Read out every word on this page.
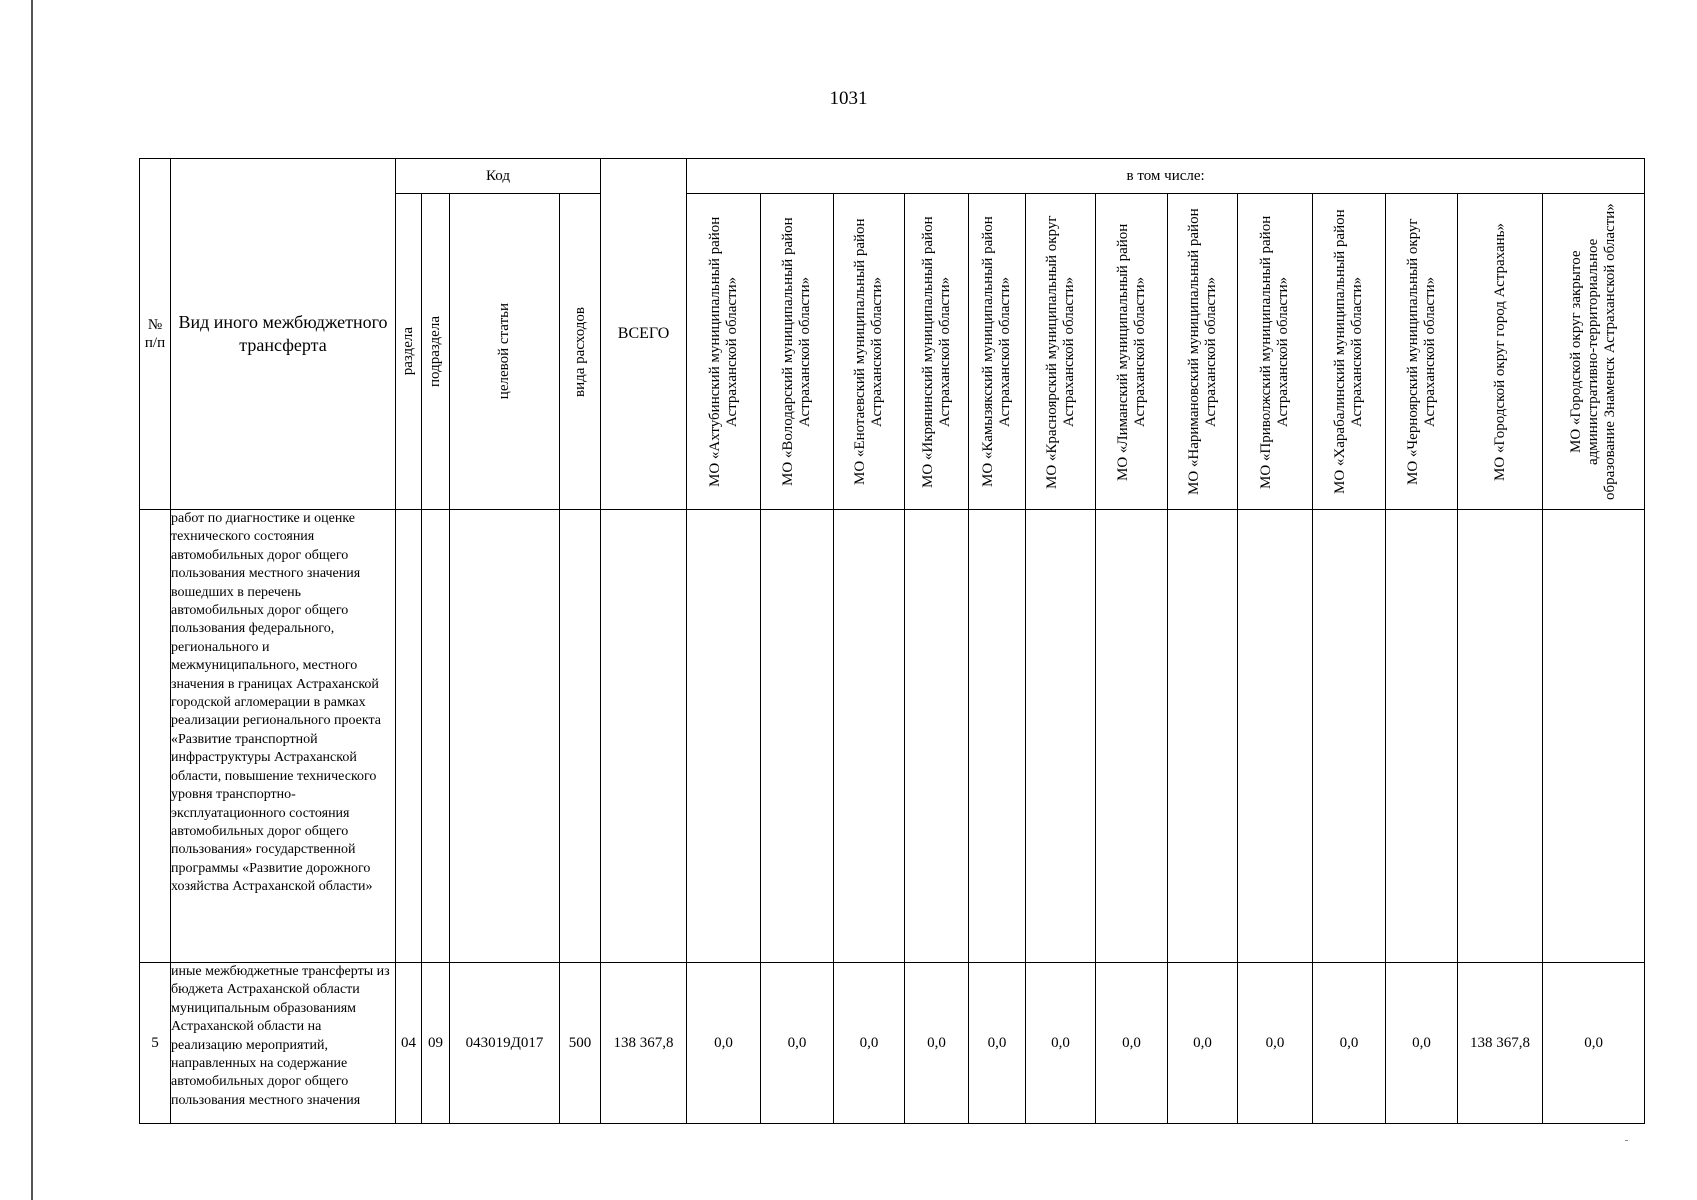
1031
№
п/п	Вид иного межбюджетного трансферта	Код				ВСЕГО	в том числе:												

		раздела	подраздела	целевой статьи	вида расходов		МО «Ахтубинский муниципальный район Астраханской области»	МО «Володарский муниципальный район Астраханской области»	МО «Енотаевский муниципальный район Астраханской области»	МО «Икрянинский муниципальный район Астраханской области»	МО «Камызякский муниципальный район Астраханской области»	МО «Красноярский муниципальный округ Астраханской области»	МО «Лиманский муниципальный район Астраханской области»	МО «Наримановский муниципальный район Астраханской области»	МО «Приволжский муниципальный район Астраханской области»	МО «Харабалинский муниципальный район Астраханской области»	МО «Черноярский муниципальный округ Астраханской области»	МО «Городской округ город Астрахань»	МО «Городской округ закрытое административно-территориальное образование Знаменск Астраханской области»

	работ по диагностике и оценке технического состояния автомобильных дорог общего пользования местного значения вошедших в перечень автомобильных дорог общего пользования федерального, регионального и межмуниципального, местного значения в границах Астраханской городской агломерации в рамках реализации регионального проекта «Развитие транспортной инфраструктуры Астраханской области, повышение технического уровня транспортно-эксплуатационного состояния автомобильных дорог общего пользования» государственной программы «Развитие дорожного хозяйства Астраханской области»																		
5	иные межбюджетные трансферты из бюджета Астраханской области муниципальным образованиям Астраханской области на реализацию мероприятий, направленных на содержание автомобильных дорог общего пользования местного значения	04	09	043019Д017	500	138 367,8	0,0	0,0	0,0	0,0	0,0	0,0	0,0	0,0	0,0	0,0	0,0	138 367,8	0,0
